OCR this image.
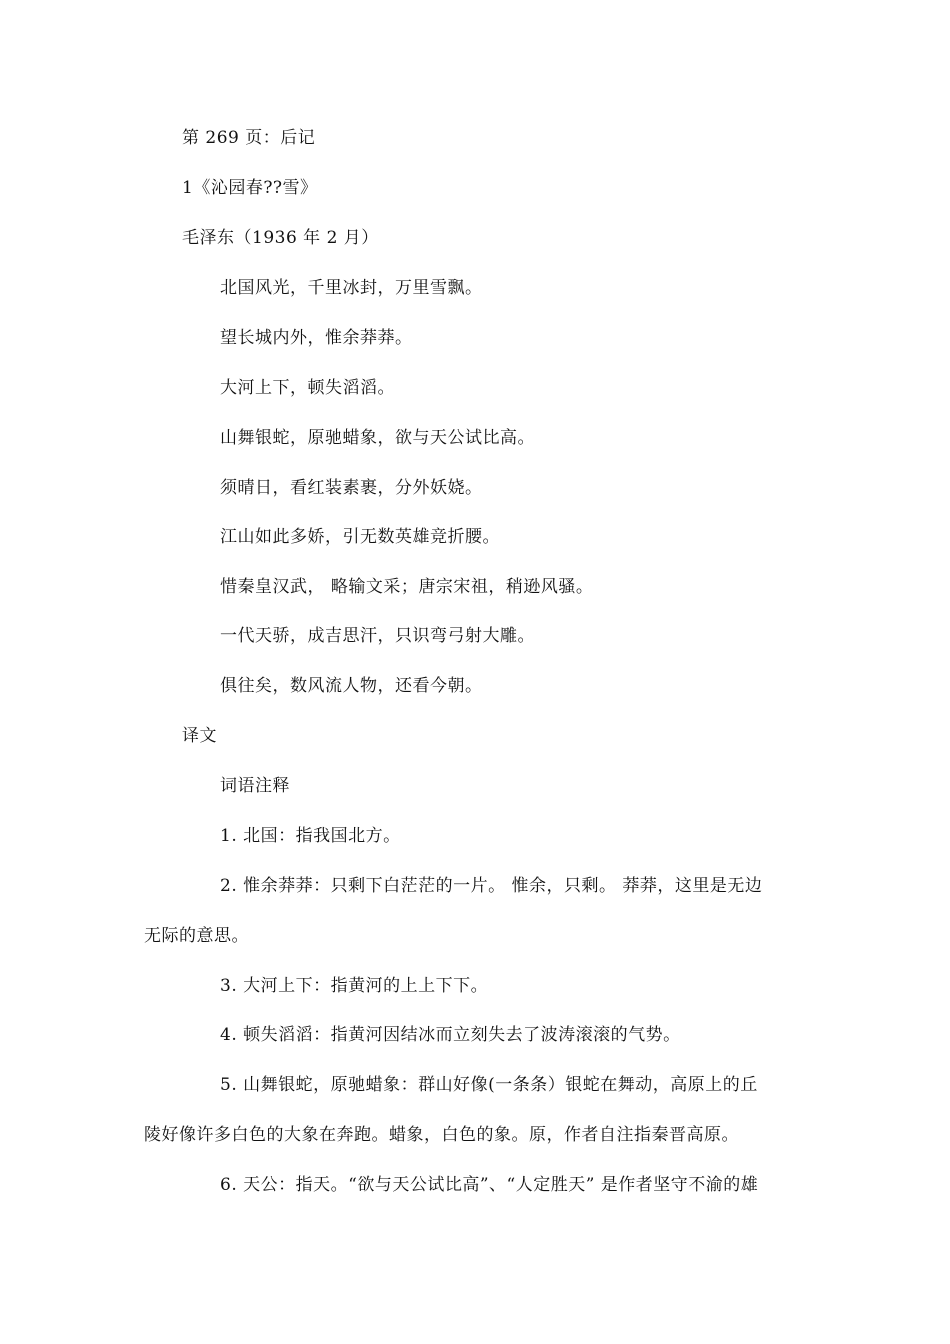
第 269 页：后记
1《沁园春??雪》
毛泽东（1936 年 2 月）
北国风光，千里冰封，万里雪飘。
望长城内外，惟余莽莽。
大河上下，顿失滔滔。
山舞银蛇，原驰蜡象，欲与天公试比高。
须晴日，看红装素裹，分外妖娆。
江山如此多娇，引无数英雄竞折腰。
惜秦皇汉武， 略输文采；唐宗宋祖，稍逊风骚。
一代天骄，成吉思汗，只识弯弓射大雕。
俱往矣，数风流人物，还看今朝。
译文
词语注释
1. 北国：指我国北方。
2. 惟余莽莽：只剩下白茫茫的一片。 惟余，只剩。 莽莽，这里是无边
无际的意思。
3. 大河上下：指黄河的上上下下。
4. 顿失滔滔：指黄河因结冰而立刻失去了波涛滚滚的气势。
5. 山舞银蛇，原驰蜡象：群山好像(一条条）银蛇在舞动，高原上的丘
陵好像许多白色的大象在奔跑。蜡象，白色的象。原，作者自注指秦晋高原。
6. 天公：指天。“欲与天公试比高”、“人定胜天” 是作者坚守不渝的雄
